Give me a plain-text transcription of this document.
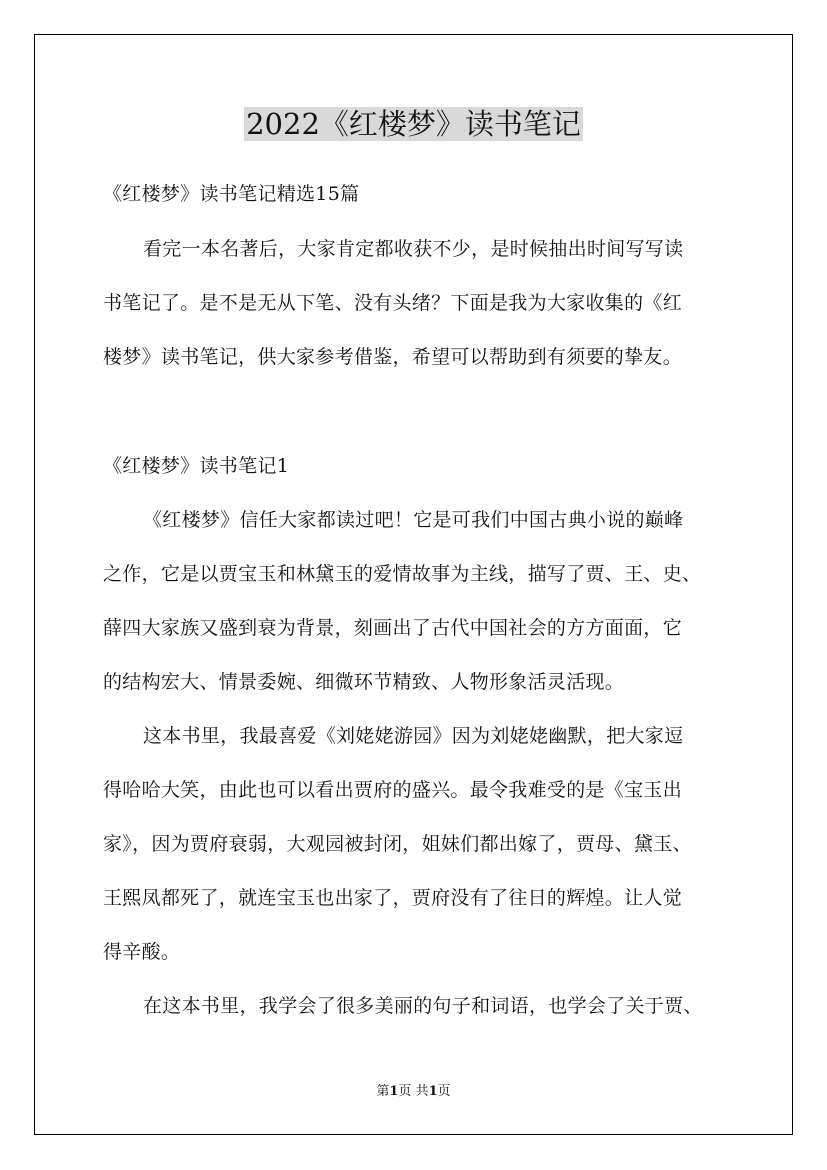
2022《红楼梦》读书笔记
《红楼梦》读书笔记精选15篇
看完一本名著后，大家肯定都收获不少，是时候抽出时间写写读
书笔记了。是不是无从下笔、没有头绪？下面是我为大家收集的《红
楼梦》读书笔记，供大家参考借鉴，希望可以帮助到有须要的挚友。
《红楼梦》读书笔记1
《红楼梦》信任大家都读过吧！它是可我们中国古典小说的巅峰
之作，它是以贾宝玉和林黛玉的爱情故事为主线，描写了贾、王、史、
薛四大家族又盛到衰为背景，刻画出了古代中国社会的方方面面，它
的结构宏大、情景委婉、细微环节精致、人物形象活灵活现。
这本书里，我最喜爱《刘姥姥游园》因为刘姥姥幽默，把大家逗
得哈哈大笑，由此也可以看出贾府的盛兴。最令我难受的是《宝玉出
家》，因为贾府衰弱，大观园被封闭，姐妹们都出嫁了，贾母、黛玉、
王熙凤都死了，就连宝玉也出家了，贾府没有了往日的辉煌。让人觉
得辛酸。
在这本书里，我学会了很多美丽的句子和词语，也学会了关于贾、
第1页 共1页
